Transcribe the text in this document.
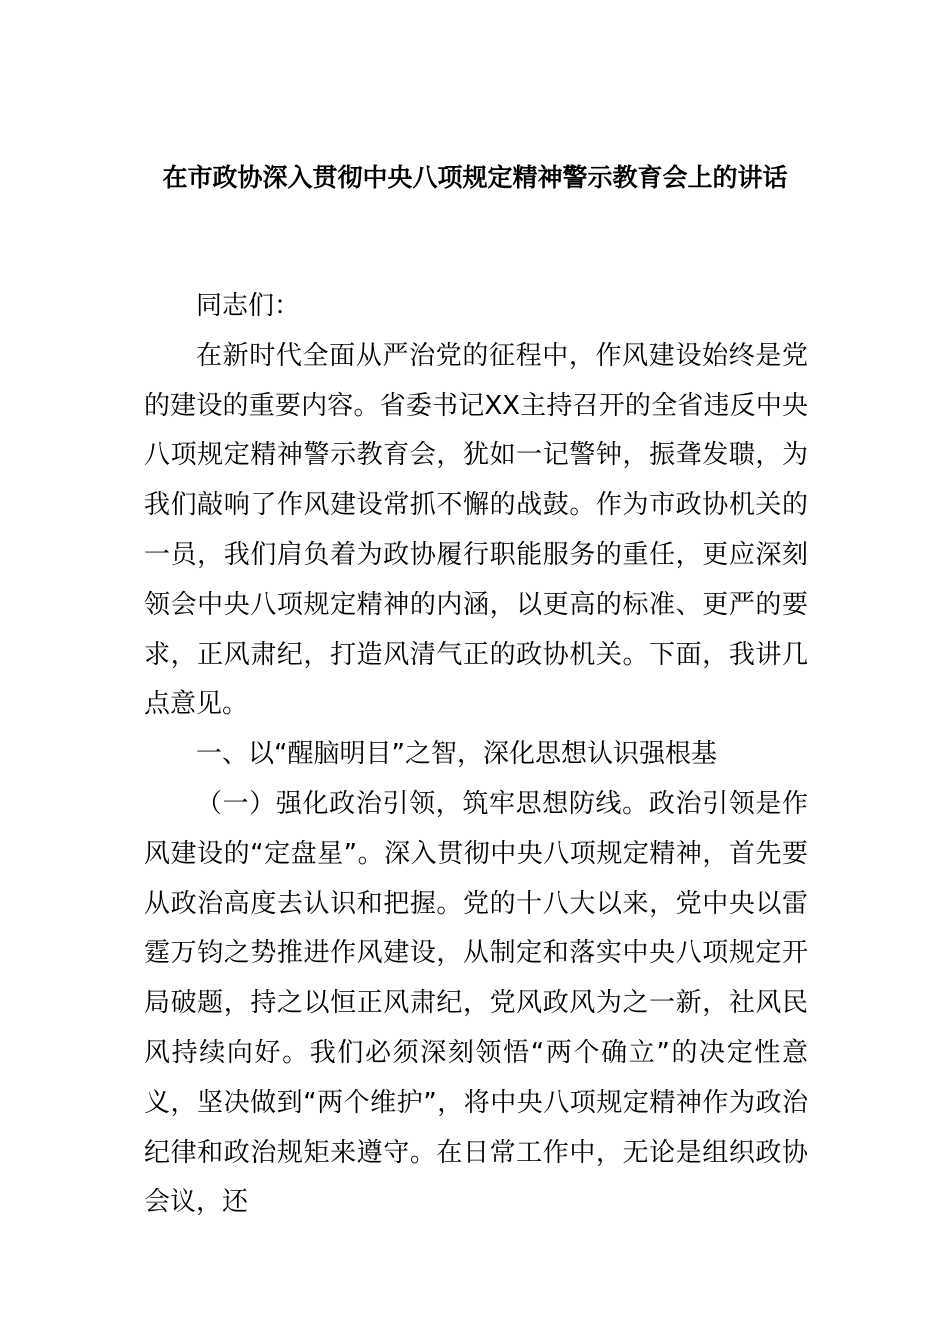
在市政协深入贯彻中央八项规定精神警示教育会上的讲话

同志们：

在新时代全面从严治党的征程中，作风建设始终是党的建设的重要内容。省委书记XX主持召开的全省违反中央八项规定精神警示教育会，犹如一记警钟，振聋发聩，为我们敲响了作风建设常抓不懈的战鼓。作为市政协机关的一员，我们肩负着为政协履行职能服务的重任，更应深刻领会中央八项规定精神的内涵，以更高的标准、更严的要求，正风肃纪，打造风清气正的政协机关。下面，我讲几点意见。

一、以“醒脑明目”之智，深化思想认识强根基

（一）强化政治引领，筑牢思想防线。政治引领是作风建设的“定盘星”。深入贯彻中央八项规定精神，首先要从政治高度去认识和把握。党的十八大以来，党中央以雷霆万钧之势推进作风建设，从制定和落实中央八项规定开局破题，持之以恒正风肃纪，党风政风为之一新，社风民风持续向好。我们必须深刻领悟“两个确立”的决定性意义，坚决做到“两个维护”，将中央八项规定精神作为政治纪律和政治规矩来遵守。在日常工作中，无论是组织政协会议，还
